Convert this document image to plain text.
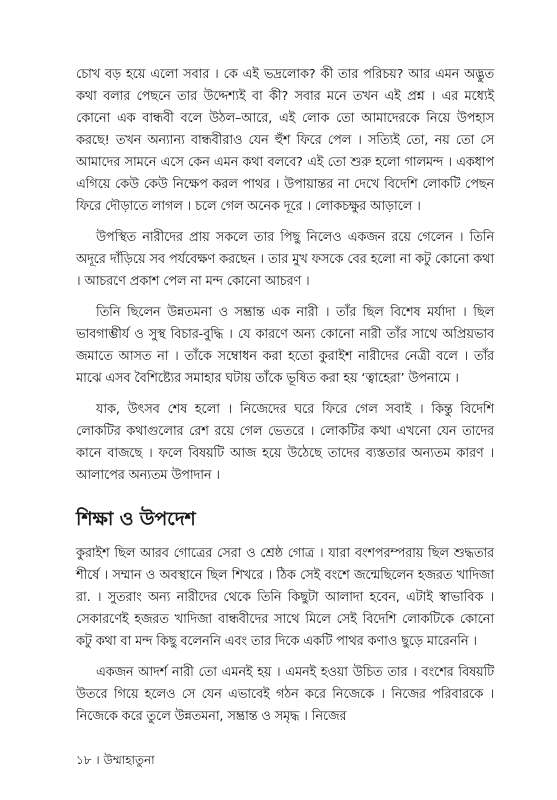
চোখ বড় হয়ে এলো সবার । কে এই ভদ্রলোক? কী তার পরিচয়? আর এমন অদ্ভুত কথা বলার পেছনে তার উদ্দেশ্যই বা কী? সবার মনে তখন এই প্রশ্ন । এর মধ্যেই কোনো এক বান্ধবী বলে উঠল–আরে, এই লোক তো আমাদেরকে নিয়ে উপহাস করছে! তখন অন্যান্য বান্ধবীরাও যেন হুঁশ ফিরে পেল । সত্যিই তো, নয় তো সে আমাদের সামনে এসে কেন এমন কথা বলবে? এই তো শুরু হলো গালমন্দ । একধাপ এগিয়ে কেউ কেউ নিক্ষেপ করল পাথর । উপায়ান্তর না দেখে বিদেশি লোকটি পেছন ফিরে দৌড়াতে লাগল । চলে গেল অনেক দূরে । লোকচক্ষুর আড়ালে ।

উপস্থিত নারীদের প্রায় সকলে তার পিছু নিলেও একজন রয়ে গেলেন । তিনি অদূরে দাঁড়িয়ে সব পর্যবেক্ষণ করছেন । তার মুখ ফসকে বের হলো না কটু কোনো কথা । আচরণে প্রকাশ পেল না মন্দ কোনো আচরণ ।

তিনি ছিলেন উন্নতমনা ও সম্ভ্রান্ত এক নারী । তাঁর ছিল বিশেষ মর্যাদা । ছিল ভাবগাম্ভীর্য ও সুস্থ বিচার-বুদ্ধি । যে কারণে অন্য কোনো নারী তাঁর সাথে অপ্রিয়ভাব জমাতে আসত না । তাঁকে সম্বোধন করা হতো কুরাইশ নারীদের নেত্রী বলে । তাঁর মাঝে এসব বৈশিষ্ট্যের সমাহার ঘটায় তাঁকে ভূষিত করা হয় ‘ত্বাহেরা’ উপনামে ।

যাক, উৎসব শেষ হলো । নিজেদের ঘরে ফিরে গেল সবাই । কিন্তু বিদেশি লোকটির কথাগুলোর রেশ রয়ে গেল ভেতরে । লোকটির কথা এখনো যেন তাদের কানে বাজছে । ফলে বিষয়টি আজ হয়ে উঠেছে তাদের ব্যস্ততার অন্যতম কারণ । আলাপের অন্যতম উপাদান ।

শিক্ষা ও উপদেশ

কুরাইশ ছিল আরব গোত্রের সেরা ও শ্রেষ্ঠ গোত্র । যারা বংশপরম্পরায় ছিল শুদ্ধতার শীর্ষে । সম্মান ও অবস্থানে ছিল শিখরে । ঠিক সেই বংশে জন্মেছিলেন হজরত খাদিজা রা. । সুতরাং অন্য নারীদের থেকে তিনি কিছুটা আলাদা হবেন, এটাই স্বাভাবিক । সেকারণেই হজরত খাদিজা বান্ধবীদের সাথে মিলে সেই বিদেশি লোকটিকে কোনো কটু কথা বা মন্দ কিছু বলেননি এবং তার দিকে একটি পাথর কণাও ছুড়ে মারেননি ।

একজন আদর্শ নারী তো এমনই হয় । এমনই হওয়া উচিত তার । বংশের বিষয়টি উতরে গিয়ে হলেও সে যেন এভাবেই গঠন করে নিজেকে । নিজের পরিবারকে । নিজেকে করে তুলে উন্নতমনা, সম্ভ্রান্ত ও সমৃদ্ধ । নিজের

১৮ । উম্মাহাতুনা
